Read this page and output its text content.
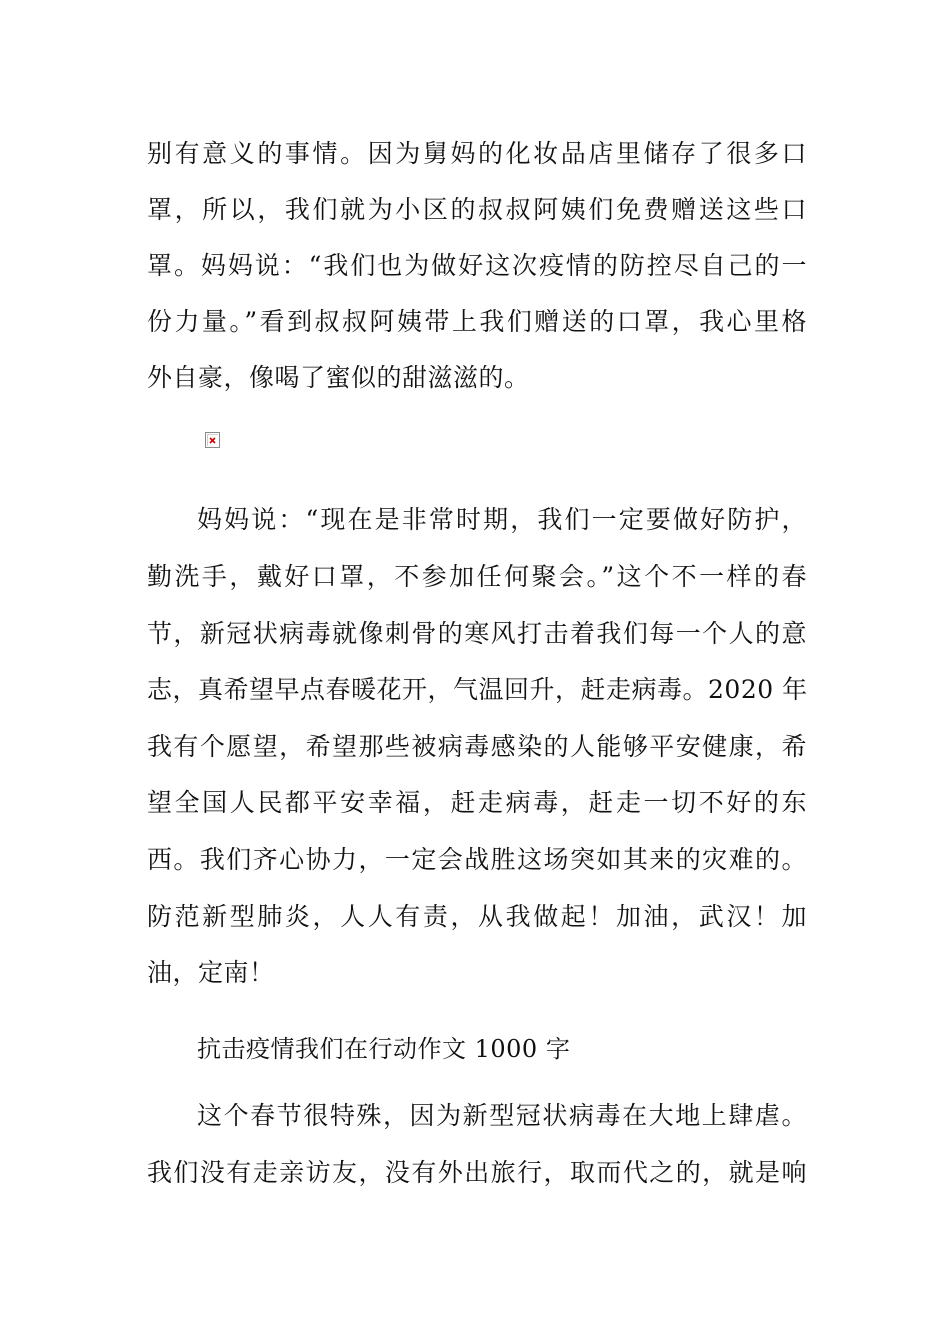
别有意义的事情。因为舅妈的化妆品店里储存了很多口
罩，所以，我们就为小区的叔叔阿姨们免费赠送这些口
罩。妈妈说：“我们也为做好这次疫情的防控尽自己的一
份力量。”看到叔叔阿姨带上我们赠送的口罩，我心里格
外自豪，像喝了蜜似的甜滋滋的。
妈妈说：“现在是非常时期，我们一定要做好防护，
勤洗手，戴好口罩，不参加任何聚会。”这个不一样的春
节，新冠状病毒就像刺骨的寒风打击着我们每一个人的意
志，真希望早点春暖花开，气温回升，赶走病毒。2020 年
我有个愿望，希望那些被病毒感染的人能够平安健康，希
望全国人民都平安幸福，赶走病毒，赶走一切不好的东
西。我们齐心协力，一定会战胜这场突如其来的灾难的。
防范新型肺炎，人人有责，从我做起！加油，武汉！加
油，定南！
抗击疫情我们在行动作文 1000 字
这个春节很特殊，因为新型冠状病毒在大地上肆虐。
我们没有走亲访友，没有外出旅行，取而代之的，就是响
